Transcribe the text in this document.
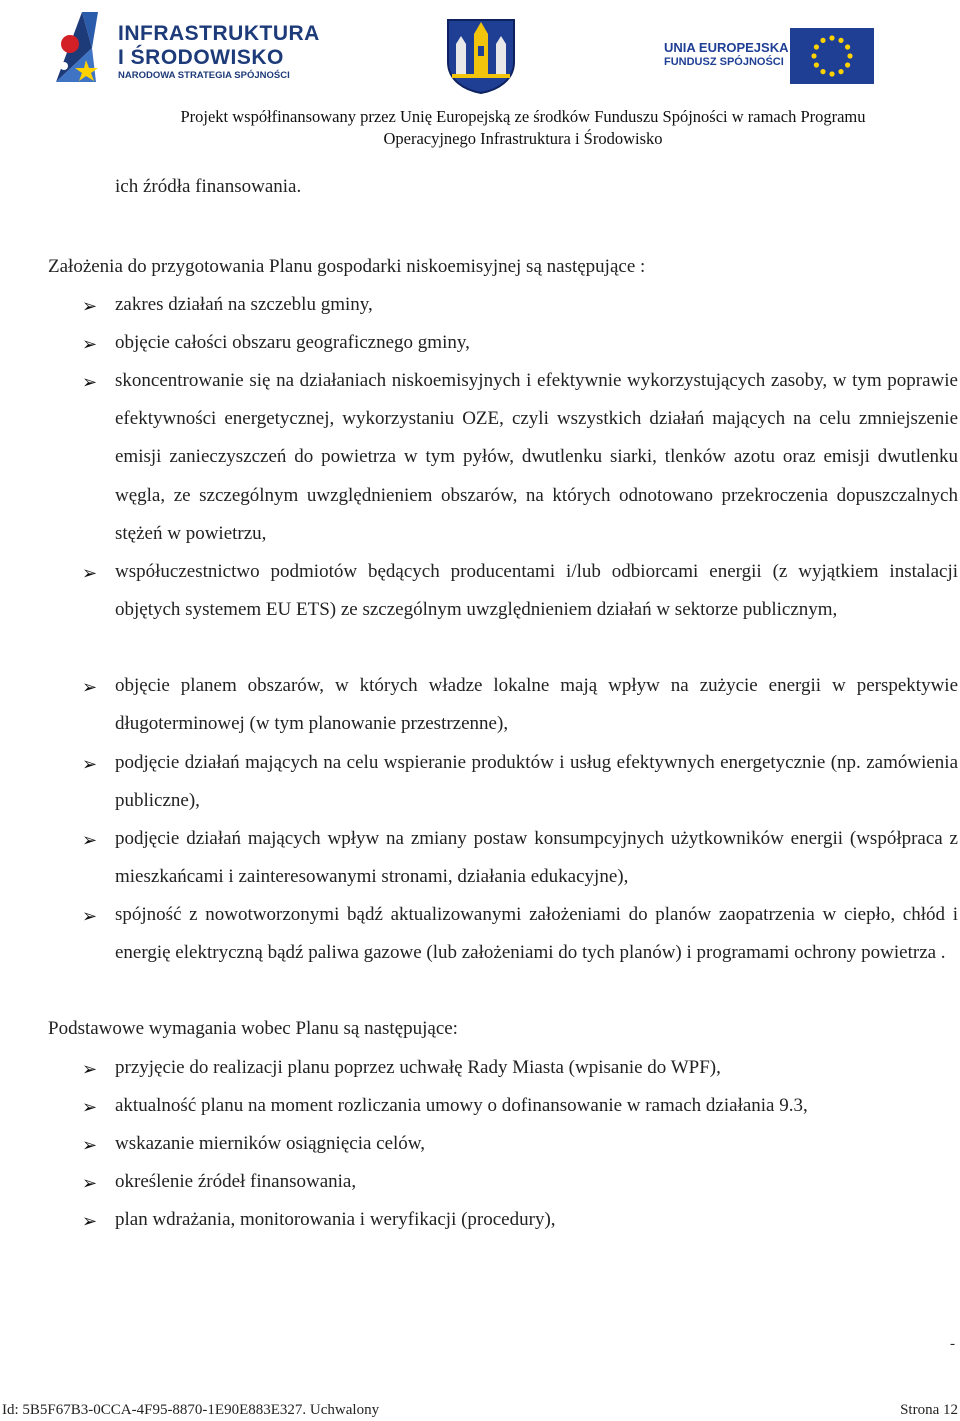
INFRASTRUKTURA
I ŚRODOWISKO
NARODOWA STRATEGIA SPÓJNOŚCI
UNIA EUROPEJSKA
FUNDUSZ SPÓJNOŚCI
Projekt współfinansowany przez Unię Europejską ze środków Funduszu Spójności w ramach Programu
Operacyjnego Infrastruktura i Środowisko
ich źródła finansowania.
Założenia do przygotowania Planu gospodarki niskoemisyjnej są następujące :
➢ zakres działań na szczeblu gminy,
➢ objęcie całości obszaru geograficznego gminy,
➢ skoncentrowanie się na działaniach niskoemisyjnych i efektywnie wykorzystujących zasoby, w tym poprawie efektywności energetycznej, wykorzystaniu OZE, czyli wszystkich działań mających na celu zmniejszenie emisji zanieczyszczeń do powietrza w tym pyłów, dwutlenku siarki, tlenków azotu oraz emisji dwutlenku węgla, ze szczególnym uwzględnieniem obszarów, na których odnotowano przekroczenia dopuszczalnych stężeń w powietrzu,
➢ współuczestnictwo podmiotów będących producentami i/lub odbiorcami energii (z wyjątkiem instalacji objętych systemem EU ETS) ze szczególnym uwzględnieniem działań w sektorze publicznym,
➢ objęcie planem obszarów, w których władze lokalne mają wpływ na zużycie energii w perspektywie długoterminowej (w tym planowanie przestrzenne),
➢ podjęcie działań mających na celu wspieranie produktów i usług efektywnych energetycznie (np. zamówienia publiczne),
➢ podjęcie działań mających wpływ na zmiany postaw konsumpcyjnych użytkowników energii (współpraca z mieszkańcami i zainteresowanymi stronami, działania edukacyjne),
➢ spójność z nowotworzonymi bądź aktualizowanymi założeniami do planów zaopatrzenia w ciepło, chłód i energię elektryczną bądź paliwa gazowe (lub założeniami do tych planów) i programami ochrony powietrza .
Podstawowe wymagania wobec Planu są następujące:
➢ przyjęcie do realizacji planu poprzez uchwałę Rady Miasta (wpisanie do WPF),
➢ aktualność planu na moment rozliczania umowy o dofinansowanie w ramach działania 9.3,
➢ wskazanie mierników osiągnięcia celów,
➢ określenie źródeł finansowania,
➢ plan wdrażania, monitorowania i weryfikacji (procedury),
-
Id: 5B5F67B3-0CCA-4F95-8870-1E90E883E327. Uchwalony	Strona 12
